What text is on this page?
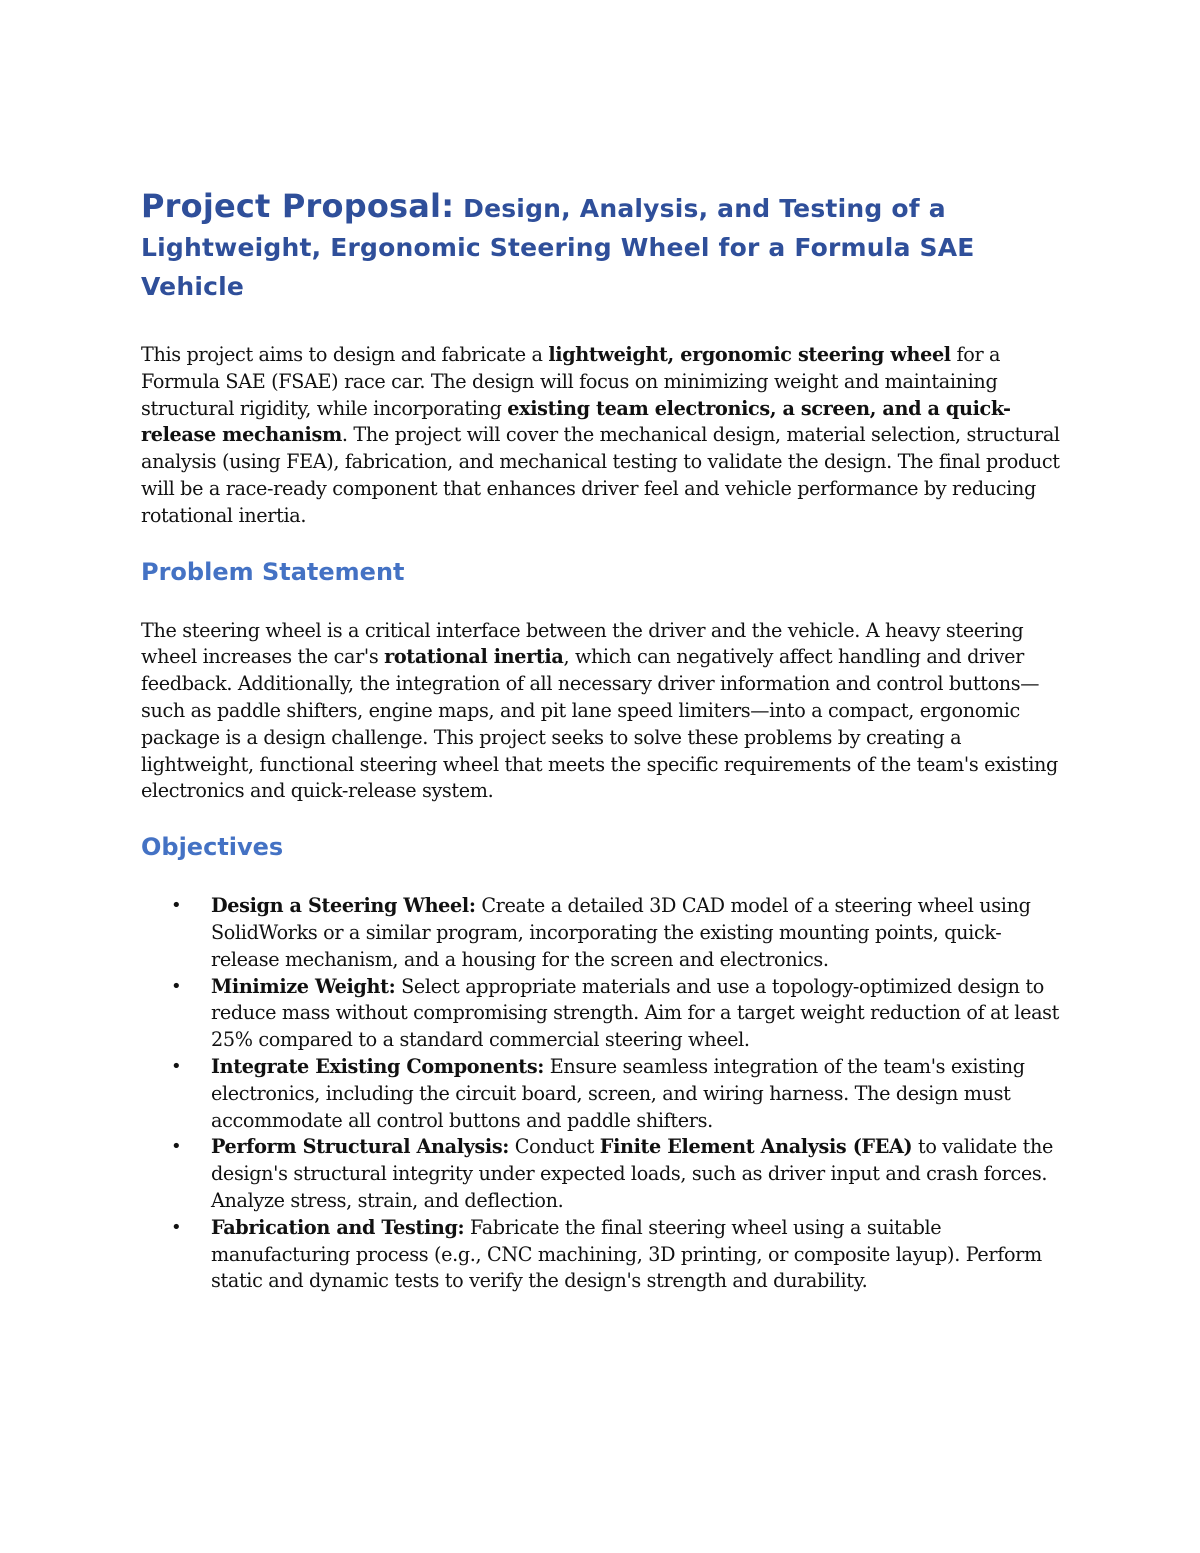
Project Proposal: Design, Analysis, and Testing of a Lightweight, Ergonomic Steering Wheel for a Formula SAE Vehicle

This project aims to design and fabricate a lightweight, ergonomic steering wheel for a Formula SAE (FSAE) race car. The design will focus on minimizing weight and maintaining structural rigidity, while incorporating existing team electronics, a screen, and a quick-release mechanism. The project will cover the mechanical design, material selection, structural analysis (using FEA), fabrication, and mechanical testing to validate the design. The final product will be a race-ready component that enhances driver feel and vehicle performance by reducing rotational inertia.

Problem Statement

The steering wheel is a critical interface between the driver and the vehicle. A heavy steering wheel increases the car's rotational inertia, which can negatively affect handling and driver feedback. Additionally, the integration of all necessary driver information and control buttons—such as paddle shifters, engine maps, and pit lane speed limiters—into a compact, ergonomic package is a design challenge. This project seeks to solve these problems by creating a lightweight, functional steering wheel that meets the specific requirements of the team's existing electronics and quick-release system.

Objectives
• Design a Steering Wheel: Create a detailed 3D CAD model of a steering wheel using SolidWorks or a similar program, incorporating the existing mounting points, quick-release mechanism, and a housing for the screen and electronics.
• Minimize Weight: Select appropriate materials and use a topology-optimized design to reduce mass without compromising strength. Aim for a target weight reduction of at least 25% compared to a standard commercial steering wheel.
• Integrate Existing Components: Ensure seamless integration of the team's existing electronics, including the circuit board, screen, and wiring harness. The design must accommodate all control buttons and paddle shifters.
• Perform Structural Analysis: Conduct Finite Element Analysis (FEA) to validate the design's structural integrity under expected loads, such as driver input and crash forces. Analyze stress, strain, and deflection.
• Fabrication and Testing: Fabricate the final steering wheel using a suitable manufacturing process (e.g., CNC machining, 3D printing, or composite layup). Perform static and dynamic tests to verify the design's strength and durability.
